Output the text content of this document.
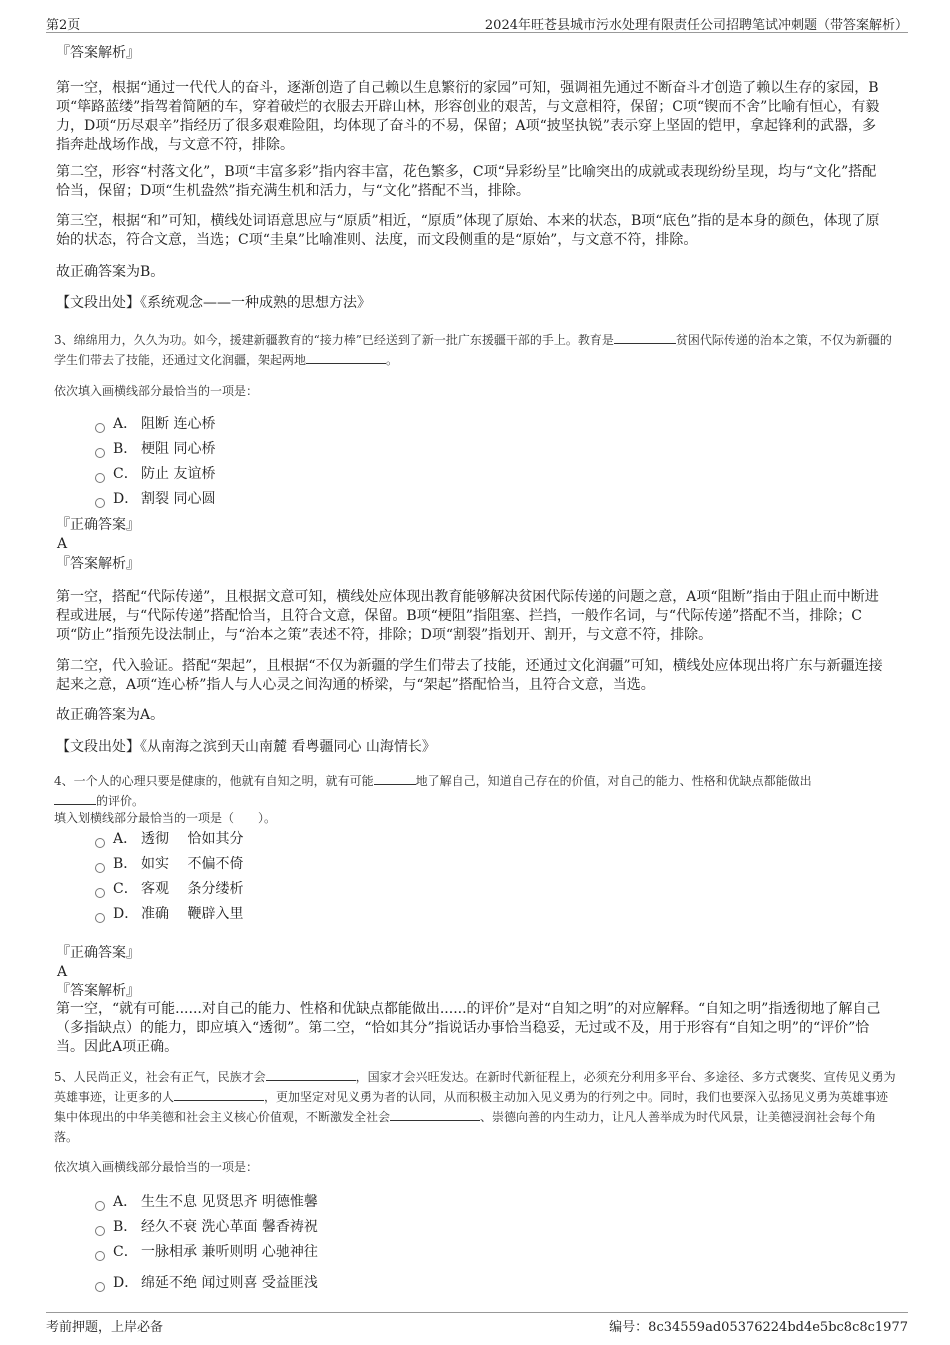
第2页	2024年旺苍县城市污水处理有限责任公司招聘笔试冲刺题（带答案解析）
『答案解析』

第一空，根据“通过一代代人的奋斗，逐渐创造了自己赖以生息繁衍的家园”可知，强调祖先通过不断奋斗才创造了赖以生存的家园，B项“筚路蓝缕”指驾着简陋的车，穿着破烂的衣服去开辟山林，形容创业的艰苦，与文意相符，保留；C项“锲而不舍”比喻有恒心，有毅力，D项“历尽艰辛”指经历了很多艰难险阻，均体现了奋斗的不易，保留；A项“披坚执锐”表示穿上坚固的铠甲，拿起锋利的武器，多指奔赴战场作战，与文意不符，排除。

第二空，形容“村落文化”，B项“丰富多彩”指内容丰富，花色繁多，C项“异彩纷呈”比喻突出的成就或表现纷纷呈现，均与“文化”搭配恰当，保留；D项“生机盎然”指充满生机和活力，与“文化”搭配不当，排除。

第三空，根据“和”可知，横线处词语意思应与“原质”相近，“原质”体现了原始、本来的状态，B项“底色”指的是本身的颜色，体现了原始的状态，符合文意，当选；C项“圭臬”比喻准则、法度，而文段侧重的是“原始”，与文意不符，排除。

故正确答案为B。

【文段出处】《系统观念——一种成熟的思想方法》

3、绵绵用力，久久为功。如今，援建新疆教育的“接力棒”已经送到了新一批广东援疆干部的手上。教育是	贫困代际传递的治本之策，不仅为新疆的学生们带去了技能，还通过文化润疆，架起两地	。
依次填入画横线部分最恰当的一项是：
A． 阻断 连心桥
B． 梗阻 同心桥
C． 防止 友谊桥
D． 割裂 同心圆
『正确答案』
A
『答案解析』

第一空，搭配“代际传递”，且根据文意可知，横线处应体现出教育能够解决贫困代际传递的问题之意，A项“阻断”指由于阻止而中断进程或进展，与“代际传递”搭配恰当，且符合文意，保留。B项“梗阻”指阻塞、拦挡，一般作名词，与“代际传递”搭配不当，排除；C项“防止”指预先设法制止，与“治本之策”表述不符，排除；D项“割裂”指划开、割开，与文意不符，排除。

第二空，代入验证。搭配“架起”，且根据“不仅为新疆的学生们带去了技能，还通过文化润疆”可知，横线处应体现出将广东与新疆连接起来之意，A项“连心桥”指人与人心灵之间沟通的桥梁，与“架起”搭配恰当，且符合文意，当选。

故正确答案为A。

【文段出处】《从南海之滨到天山南麓 看粤疆同心 山海情长》

4、一个人的心理只要是健康的，他就有自知之明，就有可能	地了解自己，知道自己存在的价值，对自己的能力、性格和优缺点都能做出
的评价。
填入划横线部分最恰当的一项是（　　）。
A． 透彻　 恰如其分
B． 如实　 不偏不倚
C． 客观　 条分缕析
D． 准确　 鞭辟入里
『正确答案』
A
『答案解析』

第一空，“就有可能......对自己的能力、性格和优缺点都能做出......的评价”是对“自知之明”的对应解释。“自知之明”指透彻地了解自己（多指缺点）的能力，即应填入“透彻”。第二空，“恰如其分”指说话办事恰当稳妥，无过或不及，用于形容有“自知之明”的“评价”恰当。因此A项正确。

5、人民尚正义，社会有正气，民族才会	，国家才会兴旺发达。在新时代新征程上，必须充分利用多平台、多途径、多方式褒奖、宣传见义勇为英雄事迹，让更多的人	，更加坚定对见义勇为者的认同，从而积极主动加入见义勇为的行列之中。同时，我们也要深入弘扬见义勇为英雄事迹集中体现出的中华美德和社会主义核心价值观，不断激发全社会	、崇德向善的内生动力，让凡人善举成为时代风景，让美德浸润社会每个角落。
依次填入画横线部分最恰当的一项是：
A． 生生不息 见贤思齐 明德惟馨
B． 经久不衰 洗心革面 馨香祷祝
C． 一脉相承 兼听则明 心驰神往
D． 绵延不绝 闻过则喜 受益匪浅
考前押题，上岸必备	编号：8c34559ad05376224bd4e5bc8c8c1977
